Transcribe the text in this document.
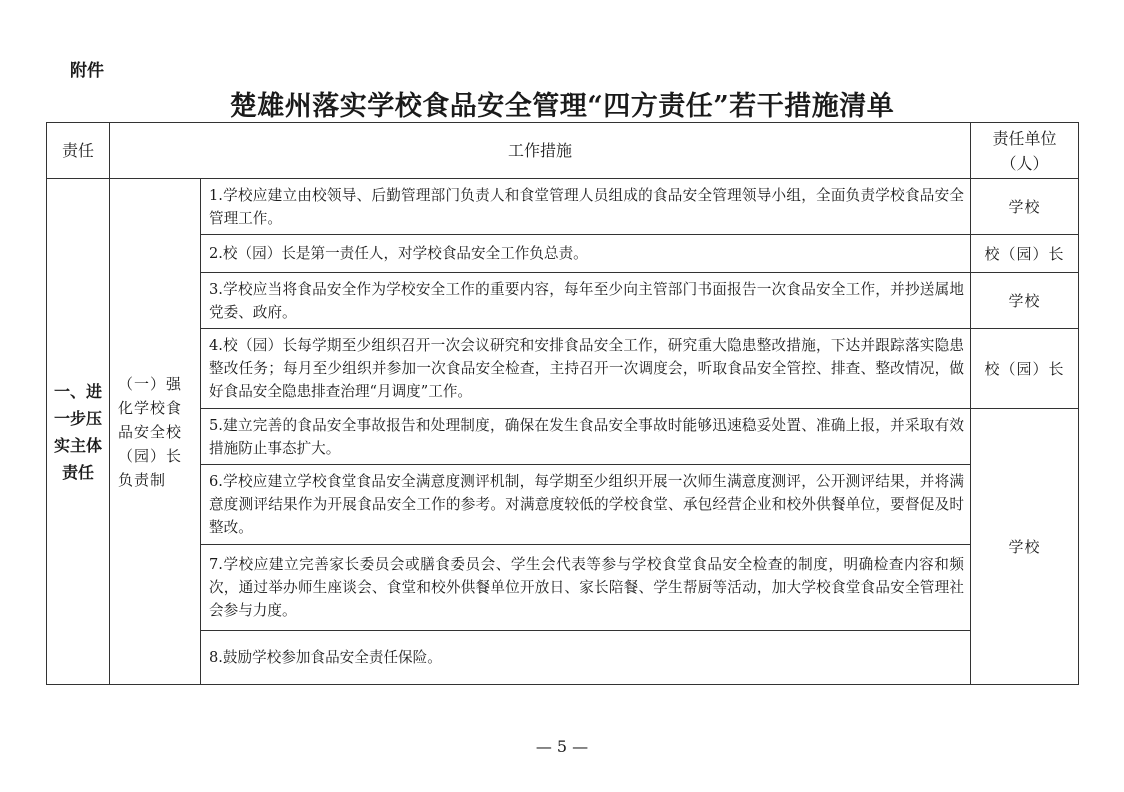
附件
楚雄州落实学校食品安全管理“四方责任”若干措施清单
责任	工作措施		责任单位
（人）

一、进一步压实主体责任	（一）强化学校食品安全校（园）长负责制	1.学校应建立由校领导、后勤管理部门负责人和食堂管理人员组成的食品安全管理领导小组，全面负责学校食品安全管理工作。	学校
		2.校（园）长是第一责任人，对学校食品安全工作负总责。	校（园）长
		3.学校应当将食品安全作为学校安全工作的重要内容，每年至少向主管部门书面报告一次食品安全工作，并抄送属地党委、政府。	学校
		4.校（园）长每学期至少组织召开一次会议研究和安排食品安全工作，研究重大隐患整改措施，下达并跟踪落实隐患整改任务；每月至少组织并参加一次食品安全检查，主持召开一次调度会，听取食品安全管控、排查、整改情况，做好食品安全隐患排查治理“月调度”工作。	校（园）长
		5.建立完善的食品安全事故报告和处理制度，确保在发生食品安全事故时能够迅速稳妥处置、准确上报，并采取有效措施防止事态扩大。	学校
		6.学校应建立学校食堂食品安全满意度测评机制，每学期至少组织开展一次师生满意度测评，公开测评结果，并将满意度测评结果作为开展食品安全工作的参考。对满意度较低的学校食堂、承包经营企业和校外供餐单位，要督促及时整改。	
		7.学校应建立完善家长委员会或膳食委员会、学生会代表等参与学校食堂食品安全检查的制度，明确检查内容和频次，通过举办师生座谈会、食堂和校外供餐单位开放日、家长陪餐、学生帮厨等活动，加大学校食堂食品安全管理社会参与力度。	
		8.鼓励学校参加食品安全责任保险。	
— 5 —
